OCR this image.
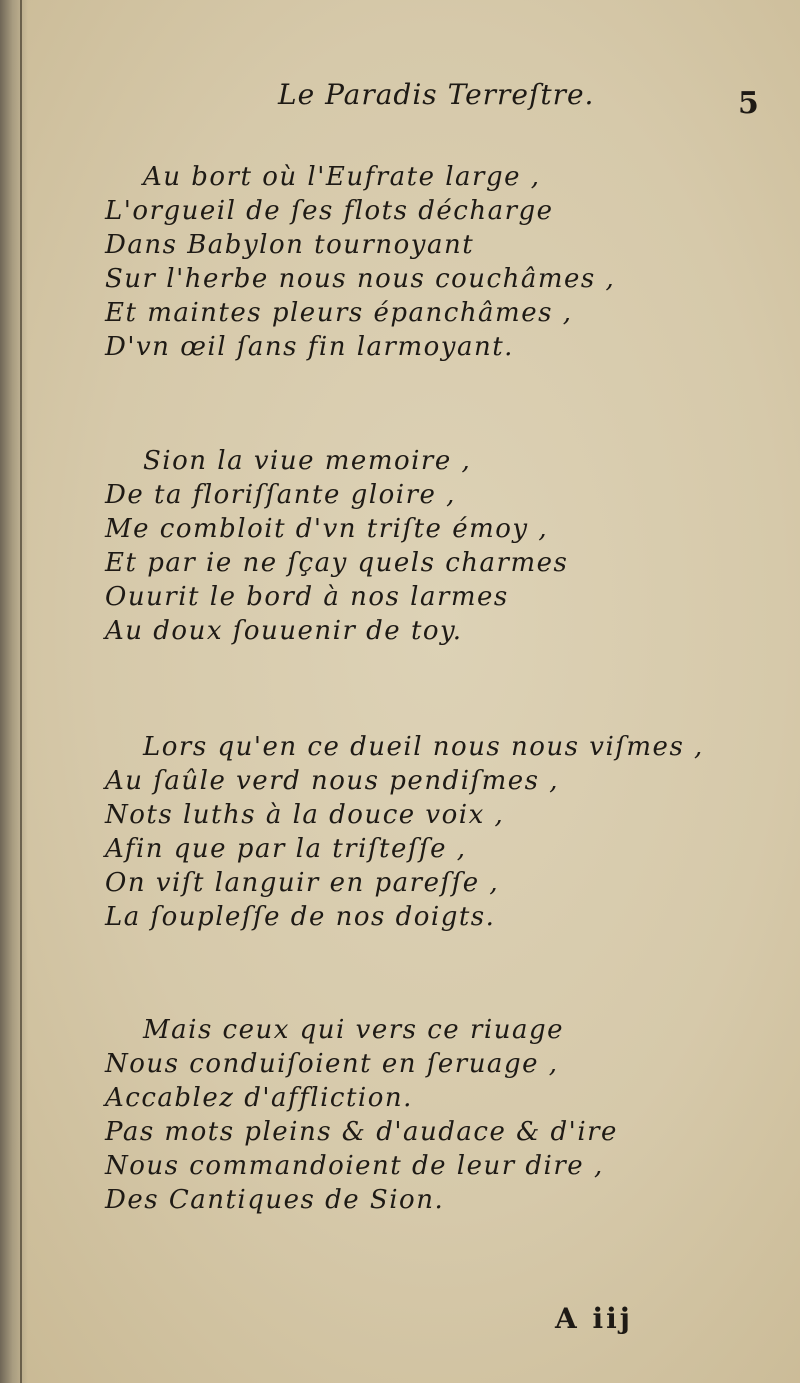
Le Paradis Terreſtre.	5
Au bort où l'Eufrate large ,
L'orgueil de ſes flots décharge
Dans Babylon tournoyant
Sur l'herbe nous nous couchâmes ,
Et maintes pleurs épanchâmes ,
D'vn œil ſans fin larmoyant.
Sion la viue memoire ,
De ta floriſſante gloire ,
Me combloit d'vn triſte émoy ,
Et par ie ne ſçay quels charmes
Ouurit le bord à nos larmes
Au doux ſouuenir de toy.
Lors qu'en ce dueil nous nous viſmes ,
Au ſaûle verd nous pendiſmes ,
Nots luths à la douce voix ,
Afin que par la triſteſſe ,
On viſt languir en pareſſe ,
La ſoupleſſe de nos doigts.
Mais ceux qui vers ce riuage
Nous conduiſoient en ſeruage ,
Accablez d'affliction.
Pas mots pleins & d'audace & d'ire
Nous commandoient de leur dire ,
Des Cantiques de Sion.
A iij
